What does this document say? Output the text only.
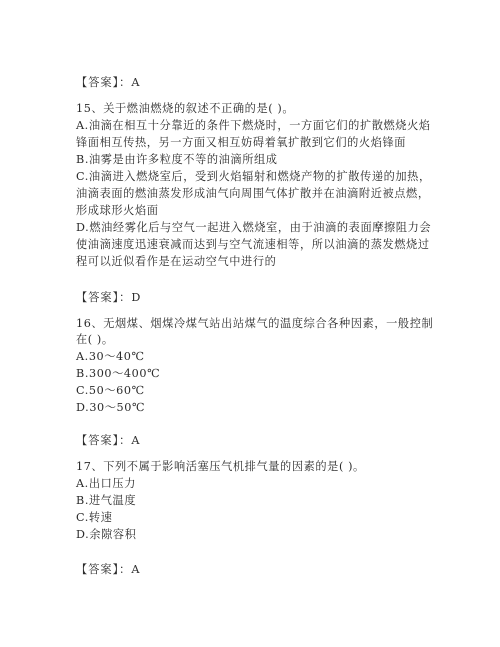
【答案】：A
15、关于燃油燃烧的叙述不正确的是( )。
A.油滴在相互十分靠近的条件下燃烧时，一方面它们的扩散燃烧火焰
锋面相互传热，另一方面又相互妨碍着氧扩散到它们的火焰锋面
B.油雾是由许多粒度不等的油滴所组成
C.油滴进入燃烧室后，受到火焰辐射和燃烧产物的扩散传递的加热，
油滴表面的燃油蒸发形成油气向周围气体扩散并在油滴附近被点燃，
形成球形火焰面
D.燃油经雾化后与空气一起进入燃烧室，由于油滴的表面摩擦阻力会
使油滴速度迅速衰减而达到与空气流速相等，所以油滴的蒸发燃烧过
程可以近似看作是在运动空气中进行的
【答案】：D
16、无烟煤、烟煤冷煤气站出站煤气的温度综合各种因素，一般控制
在( )。
A.30～40℃
B.300～400℃
C.50～60℃
D.30～50℃
【答案】：A
17、下列不属于影响活塞压气机排气量的因素的是( )。
A.出口压力
B.进气温度
C.转速
D.余隙容积
【答案】：A
